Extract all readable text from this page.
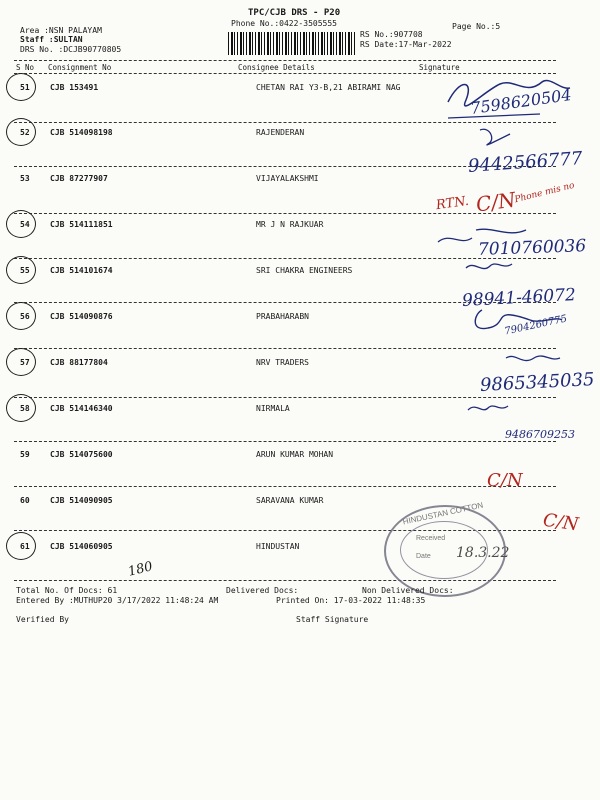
Area :NSN PALAYAM
Staff :SULTAN
DRS No. :DCJB90770805
TPC/CJB DRS - P20
Phone No.:0422-3505555
RS No.:907708
RS Date:17-Mar-2022
Page No.:5
S No Consignment No	Consignee Details	Signature
51	CJB 153491	CHETAN RAI Y3-B,21 ABIRAMI NAG
52	CJB 514098198	RAJENDERAN
53	CJB 87277907	VIJAYALAKSHMI
54	CJB 514111851	MR J N RAJKUAR
55	CJB 514101674	SRI CHAKRA ENGINEERS
56	CJB 514090876	PRABAHARABN
57	CJB 88177804	NRV TRADERS
58	CJB 514146340	NIRMALA
59	CJB 514075600	ARUN KUMAR MOHAN
60	CJB 514090905	SARAVANA KUMAR
61	CJB 514060905	HINDUSTAN
7598620504
9442566777
RTN. C/N
Phone mis no
7010760036
98941-46072
7904260775
9865345035
9486709253
C/N
C/N
180
HINDUSTAN COTTON
Received
Date 18.3.22
Total No. Of Docs: 61	Delivered Docs:	Non Delivered Docs:
Entered By :MUTHUP20 3/17/2022 11:48:24 AM	Printed On: 17-03-2022 11:48:35
Verified By	Staff Signature
